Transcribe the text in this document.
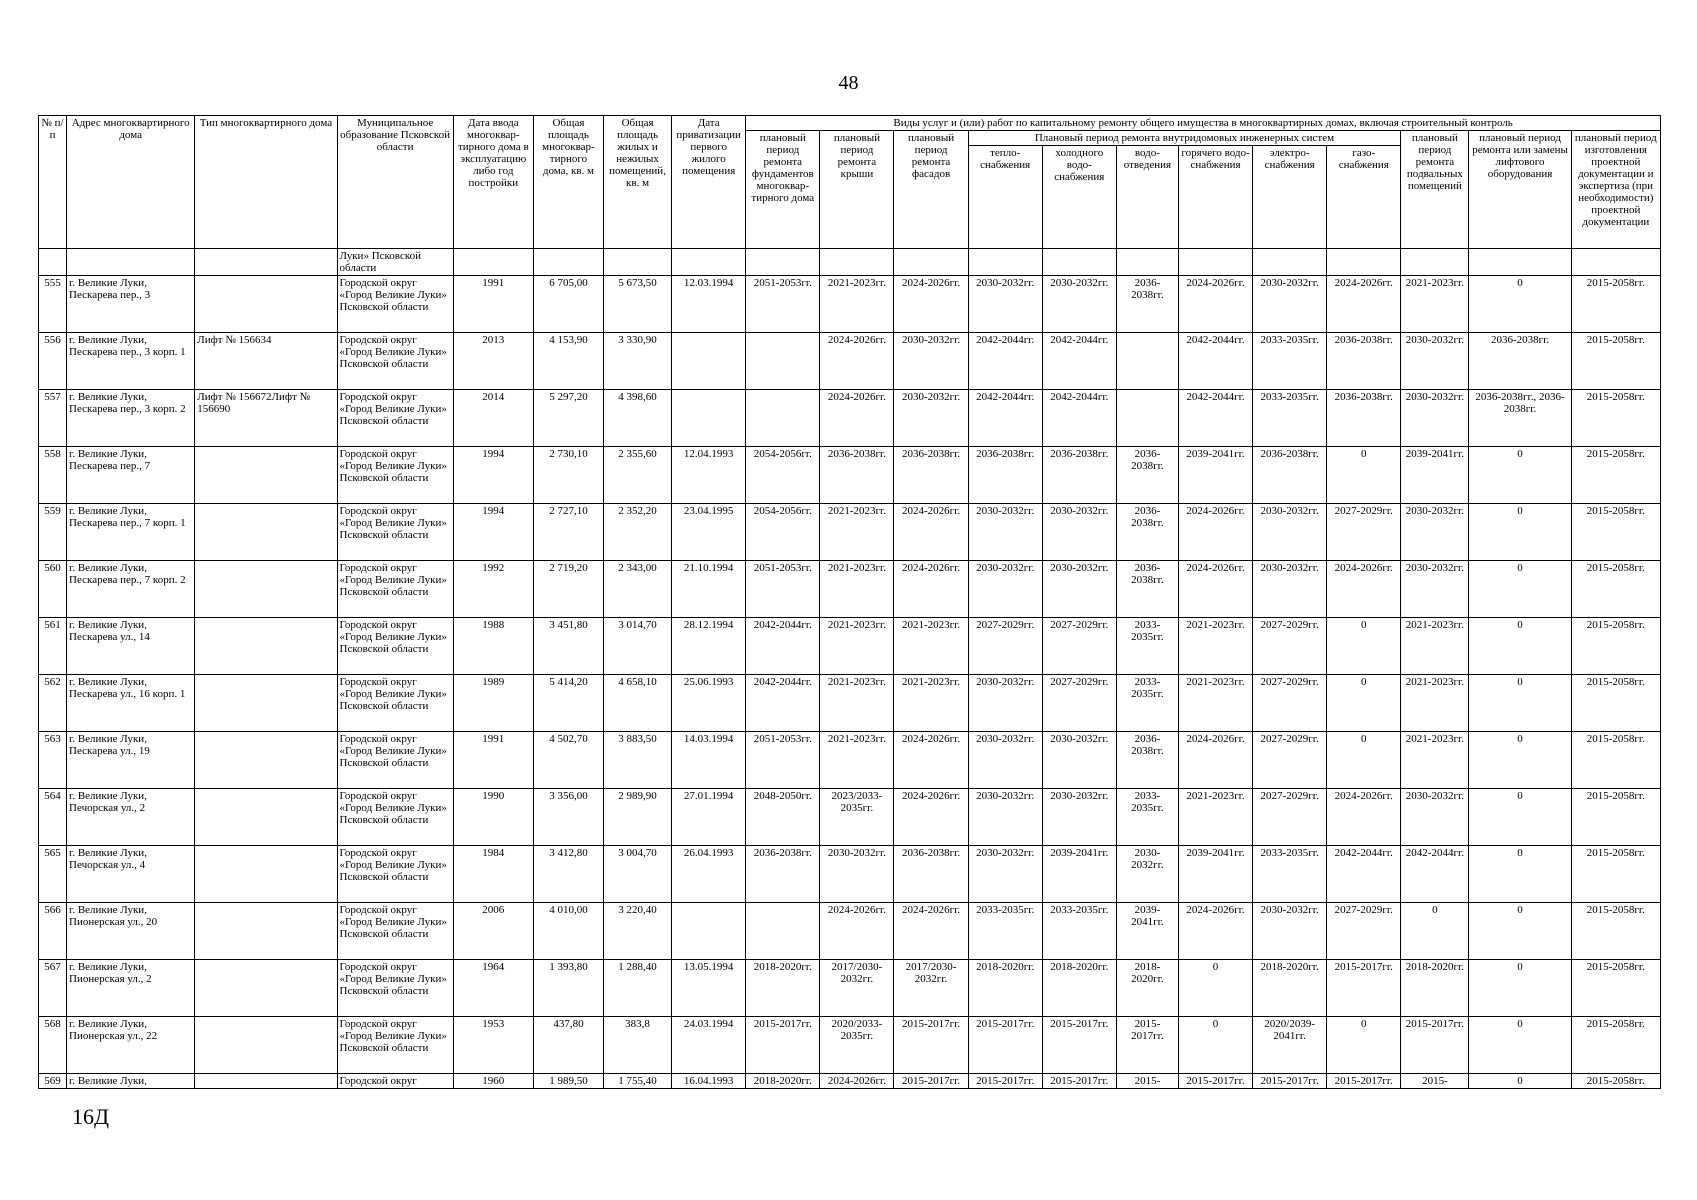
48
№ п/п	Адрес многоквартирного дома	Тип многоквартирного дома	Муниципальное образование Псковской области	Дата ввода многоквар-тирного дома в эксплуатацию либо год постройки	Общая площадь многоквар-тирного дома, кв. м	Общая площадь жилых и нежилых помещений, кв. м	Дата приватизации первого жилого помещения	Виды услуг и (или) работ по капитальному ремонту общего имущества в многоквартирных домах, включая строительный контроль											
								плановый период ремонта фундаментов многоквар-тирного дома	плановый период ремонта крыши	плановый период ремонта фасадов	Плановый период ремонта внутридомовых инженерных систем						плановый период ремонта подвальных помещений	плановый период ремонта или замены лифтового оборудования	плановый период изготовления проектной документации и экспертиза (при необходимости) проектной документации
											тепло-снабжения	холодного водо-снабжения	водо-отведения	горячего водо-снабжения	электро-снабжения	газо-снабжения			
			Луки» Псковской области																
555	г. Великие Луки, Пескарева пер., 3		Городской округ «Город Великие Луки» Псковской области	1991	6 705,00	5 673,50	12.03.1994	2051-2053гг.	2021-2023гг.	2024-2026гг.	2030-2032гг.	2030-2032гг.	2036-2038гг.	2024-2026гг.	2030-2032гг.	2024-2026гг.	2021-2023гг.	0	2015-2058гг.
556	г. Великие Луки, Пескарева пер., 3 корп. 1	Лифт № 156634	Городской округ «Город Великие Луки» Псковской области	2013	4 153,90	3 330,90			2024-2026гг.	2030-2032гг.	2042-2044гг.	2042-2044гг.		2042-2044гг.	2033-2035гг.	2036-2038гг.	2030-2032гг.	2036-2038гг.	2015-2058гг.
557	г. Великие Луки, Пескарева пер., 3 корп. 2	Лифт № 156672Лифт № 156690	Городской округ «Город Великие Луки» Псковской области	2014	5 297,20	4 398,60			2024-2026гг.	2030-2032гг.	2042-2044гг.	2042-2044гг.		2042-2044гг.	2033-2035гг.	2036-2038гг.	2030-2032гг.	2036-2038гг., 2036-2038гг.	2015-2058гг.
558	г. Великие Луки, Пескарева пер., 7		Городской округ «Город Великие Луки» Псковской области	1994	2 730,10	2 355,60	12.04.1993	2054-2056гг.	2036-2038гг.	2036-2038гг.	2036-2038гг.	2036-2038гг.	2036-2038гг.	2039-2041гг.	2036-2038гг.	0	2039-2041гг.	0	2015-2058гг.
559	г. Великие Луки, Пескарева пер., 7 корп. 1		Городской округ «Город Великие Луки» Псковской области	1994	2 727,10	2 352,20	23.04.1995	2054-2056гг.	2021-2023гг.	2024-2026гг.	2030-2032гг.	2030-2032гг.	2036-2038гг.	2024-2026гг.	2030-2032гг.	2027-2029гг.	2030-2032гг.	0	2015-2058гг.
560	г. Великие Луки, Пескарева пер., 7 корп. 2		Городской округ «Город Великие Луки» Псковской области	1992	2 719,20	2 343,00	21.10.1994	2051-2053гг.	2021-2023гг.	2024-2026гг.	2030-2032гг.	2030-2032гг.	2036-2038гг.	2024-2026гг.	2030-2032гг.	2024-2026гг.	2030-2032гг.	0	2015-2058гг.
561	г. Великие Луки, Пескарева ул., 14		Городской округ «Город Великие Луки» Псковской области	1988	3 451,80	3 014,70	28.12.1994	2042-2044гг.	2021-2023гг.	2021-2023гг.	2027-2029гг.	2027-2029гг.	2033-2035гг.	2021-2023гг.	2027-2029гг.	0	2021-2023гг.	0	2015-2058гг.
562	г. Великие Луки, Пескарева ул., 16 корп. 1		Городской округ «Город Великие Луки» Псковской области	1989	5 414,20	4 658,10	25.06.1993	2042-2044гг.	2021-2023гг.	2021-2023гг.	2030-2032гг.	2027-2029гг.	2033-2035гг.	2021-2023гг.	2027-2029гг.	0	2021-2023гг.	0	2015-2058гг.
563	г. Великие Луки, Пескарева ул., 19		Городской округ «Город Великие Луки» Псковской области	1991	4 502,70	3 883,50	14.03.1994	2051-2053гг.	2021-2023гг.	2024-2026гг.	2030-2032гг.	2030-2032гг.	2036-2038гг.	2024-2026гг.	2027-2029гг.	0	2021-2023гг.	0	2015-2058гг.
564	г. Великие Луки, Печорская ул., 2		Городской округ «Город Великие Луки» Псковской области	1990	3 356,00	2 989,90	27.01.1994	2048-2050гг.	2023/2033-2035гг.	2024-2026гг.	2030-2032гг.	2030-2032гг.	2033-2035гг.	2021-2023гг.	2027-2029гг.	2024-2026гг.	2030-2032гг.	0	2015-2058гг.
565	г. Великие Луки, Печорская ул., 4		Городской округ «Город Великие Луки» Псковской области	1984	3 412,80	3 004,70	26.04.1993	2036-2038гг.	2030-2032гг.	2036-2038гг.	2030-2032гг.	2039-2041гг.	2030-2032гг.	2039-2041гг.	2033-2035гг.	2042-2044гг.	2042-2044гг.	0	2015-2058гг.
566	г. Великие Луки, Пионерская ул., 20		Городской округ «Город Великие Луки» Псковской области	2006	4 010,00	3 220,40			2024-2026гг.	2024-2026гг.	2033-2035гг.	2033-2035гг.	2039-2041гг.	2024-2026гг.	2030-2032гг.	2027-2029гг.	0	0	2015-2058гг.
567	г. Великие Луки, Пионерская ул., 2		Городской округ «Город Великие Луки» Псковской области	1964	1 393,80	1 288,40	13.05.1994	2018-2020гг.	2017/2030-2032гг.	2017/2030-2032гг.	2018-2020гг.	2018-2020гг.	2018-2020гг.	0	2018-2020гг.	2015-2017гг.	2018-2020гг.	0	2015-2058гг.
568	г. Великие Луки, Пионерская ул., 22		Городской округ «Город Великие Луки» Псковской области	1953	437,80	383,8	24.03.1994	2015-2017гг.	2020/2033-2035гг.	2015-2017гг.	2015-2017гг.	2015-2017гг.	2015-2017гг.	0	2020/2039-2041гг.	0	2015-2017гг.	0	2015-2058гг.
569	г. Великие Луки,		Городской округ	1960	1 989,50	1 755,40	16.04.1993	2018-2020гг.	2024-2026гг.	2015-2017гг.	2015-2017гг.	2015-2017гг.	2015-	2015-2017гг.	2015-2017гг.	2015-2017гг.	2015-	0	2015-2058гг.
16Д
